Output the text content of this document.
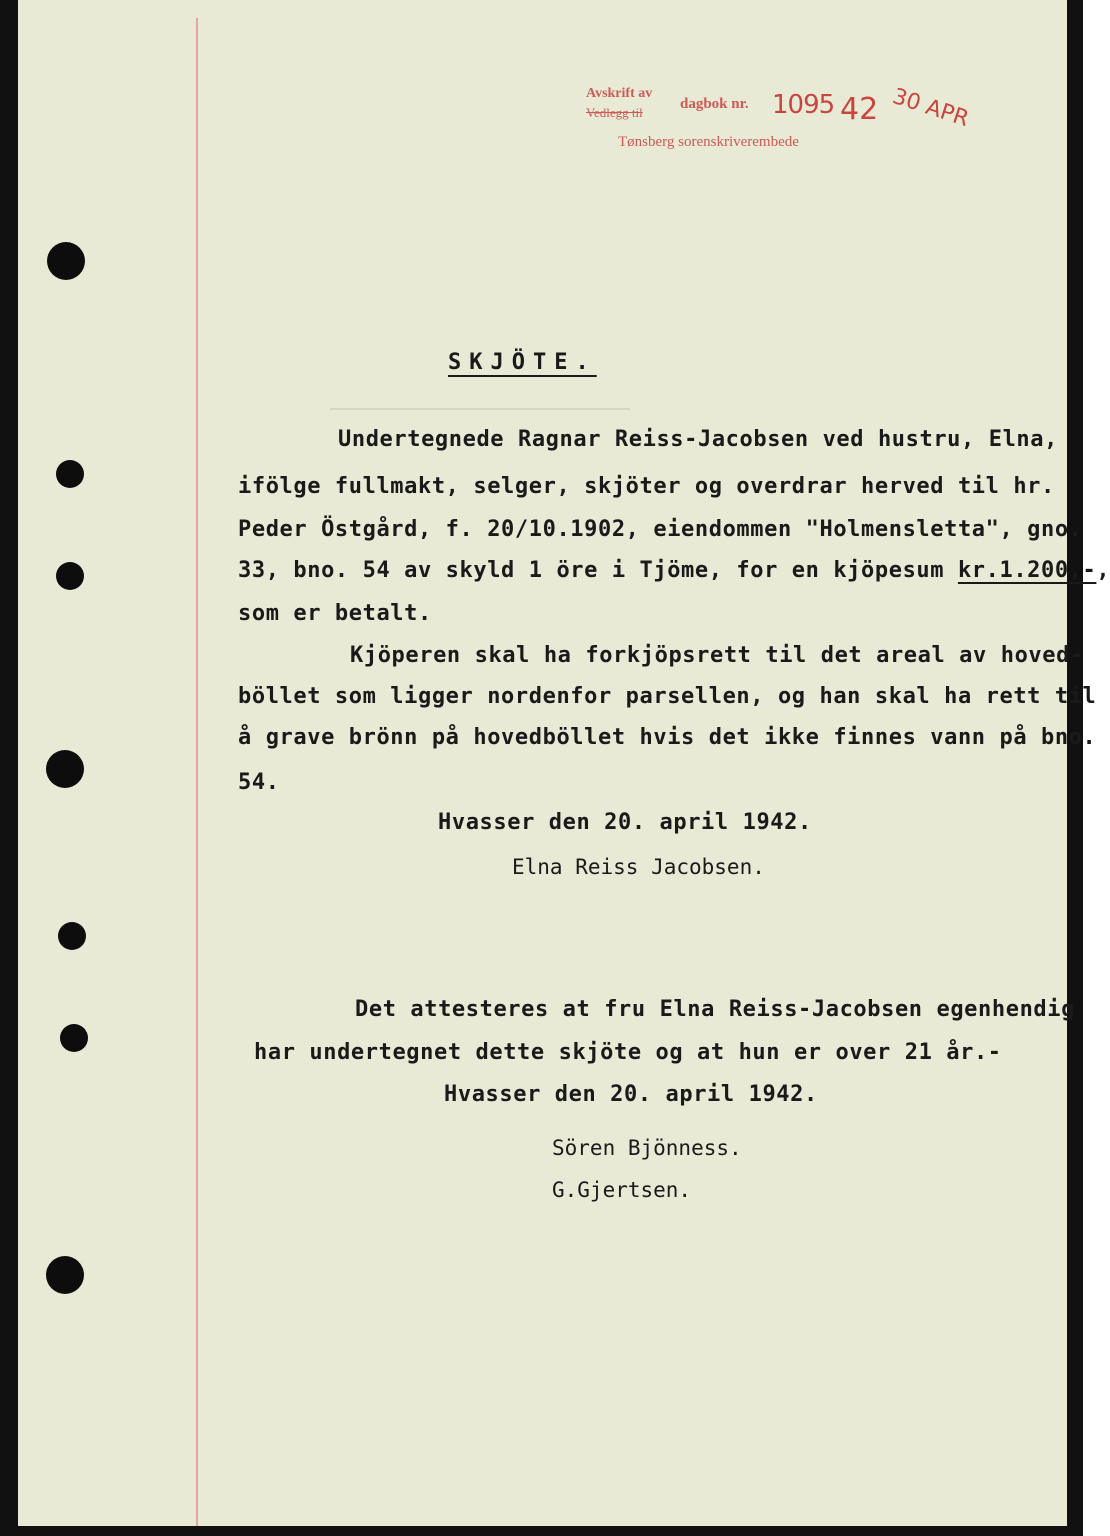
Avskrift av
Vedlegg til
dagbok nr.
Tønsberg sorenskriverembede
1095 42 30 APR
SKJÖTE.
Undertegnede Ragnar Reiss-Jacobsen ved hustru, Elna,
ifölge fullmakt, selger, skjöter og overdrar herved til hr.
Peder Östgård, f. 20/10.1902, eiendommen "Holmensletta", gno.
33, bno. 54 av skyld 1 öre i Tjöme, for en kjöpesum kr.1.200,-,
som er betalt.
Kjöperen skal ha forkjöpsrett til det areal av hoved-
böllet som ligger nordenfor parsellen, og han skal ha rett til
å grave brönn på hovedböllet hvis det ikke finnes vann på bno.
54.
Hvasser den 20. april 1942.
Elna Reiss Jacobsen.
Det attesteres at fru Elna Reiss-Jacobsen egenhendig
har undertegnet dette skjöte og at hun er over 21 år.-
Hvasser den 20. april 1942.
Sören Bjönness.
G.Gjertsen.
